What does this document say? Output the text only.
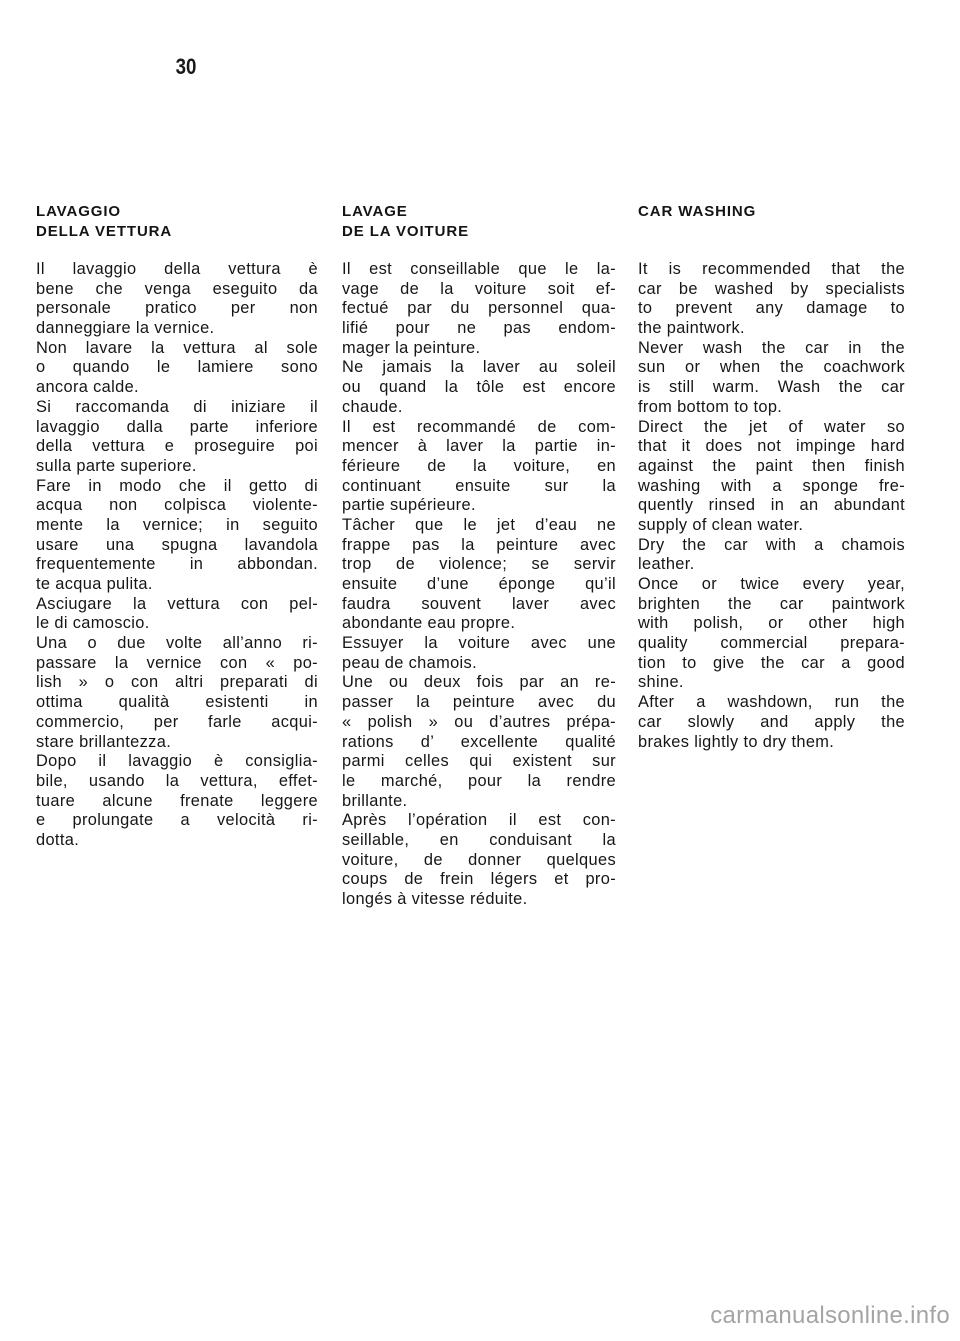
30
LAVAGGIO
DELLA VETTURA
Il lavaggio della vettura è
bene che venga eseguito da
personale pratico per non
danneggiare la vernice.
Non lavare la vettura al sole
o quando le lamiere sono
ancora calde.
Si raccomanda di iniziare il
lavaggio dalla parte inferiore
della vettura e proseguire poi
sulla parte superiore.
Fare in modo che il getto di
acqua non colpisca violente-
mente la vernice; in seguito
usare una spugna lavandola
frequentemente in abbondan.
te acqua pulita.
Asciugare la vettura con pel-
le di camoscio.
Una o due volte all’anno ri-
passare la vernice con « po-
lish » o con altri preparati di
ottima qualità esistenti in
commercio, per farle acqui-
stare brillantezza.
Dopo il lavaggio è consiglia-
bile, usando la vettura, effet-
tuare alcune frenate leggere
e prolungate a velocità ri-
dotta.
LAVAGE
DE LA VOITURE
Il est conseillable que le la-
vage de la voiture soit ef-
fectué par du personnel qua-
lifié pour ne pas endom-
mager la peinture.
Ne jamais la laver au soleil
ou quand la tôle est encore
chaude.
Il est recommandé de com-
mencer à laver la partie in-
férieure de la voiture, en
continuant ensuite sur la
partie supérieure.
Tâcher que le jet d’eau ne
frappe pas la peinture avec
trop de violence; se servir
ensuite d’une éponge qu’il
faudra souvent laver avec
abondante eau propre.
Essuyer la voiture avec une
peau de chamois.
Une ou deux fois par an re-
passer la peinture avec du
« polish » ou d’autres prépa-
rations d’ excellente qualité
parmi celles qui existent sur
le marché, pour la rendre
brillante.
Après l’opération il est con-
seillable, en conduisant la
voiture, de donner quelques
coups de frein légers et pro-
longés à vitesse réduite.
CAR WASHING
It is recommended that the
car be washed by specialists
to prevent any damage to
the paintwork.
Never wash the car in the
sun or when the coachwork
is still warm. Wash the car
from bottom to top.
Direct the jet of water so
that it does not impinge hard
against the paint then finish
washing with a sponge fre-
quently rinsed in an abundant
supply of clean water.
Dry the car with a chamois
leather.
Once or twice every year,
brighten the car paintwork
with polish, or other high
quality commercial prepara-
tion to give the car a good
shine.
After a washdown, run the
car slowly and apply the
brakes lightly to dry them.
carmanualsonline.info
